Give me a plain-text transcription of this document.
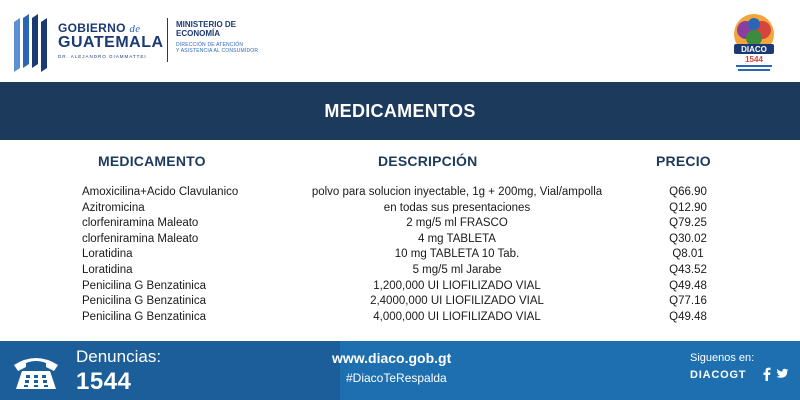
GOBIERNO de
GUATEMALA
DR. ALEJANDRO GIAMMATTEI
MINISTERIO DE
ECONOMÍA
DIRECCIÓN DE ATENCIÓN
Y ASISTENCIA AL CONSUMIDOR	DIACO
1544
MEDICAMENTOS
MEDICAMENTO	DESCRIPCIÓN	PRECIO
Amoxicilina+Acido Clavulanico	polvo para solucion inyectable, 1g + 200mg, Vial/ampolla	Q66.90
Azitromicina	en todas sus presentaciones	Q12.90
clorfeniramina Maleato	2 mg/5 ml FRASCO	Q79.25
clorfeniramina Maleato	4 mg TABLETA	Q30.02
Loratidina	10 mg TABLETA 10 Tab.	Q8.01
Loratidina	5 mg/5 ml Jarabe	Q43.52
Penicilina G Benzatinica	1,200,000 UI LIOFILIZADO VIAL	Q49.48
Penicilina G Benzatinica	2,4000,000 UI LIOFILIZADO VIAL	Q77.16
Penicilina G Benzatinica	4,000,000 UI LIOFILIZADO VIAL	Q49.48
Denuncias:
1544
www.diaco.gob.gt
#DiacoTeRespalda
Siguenos en:
DIACOGT
